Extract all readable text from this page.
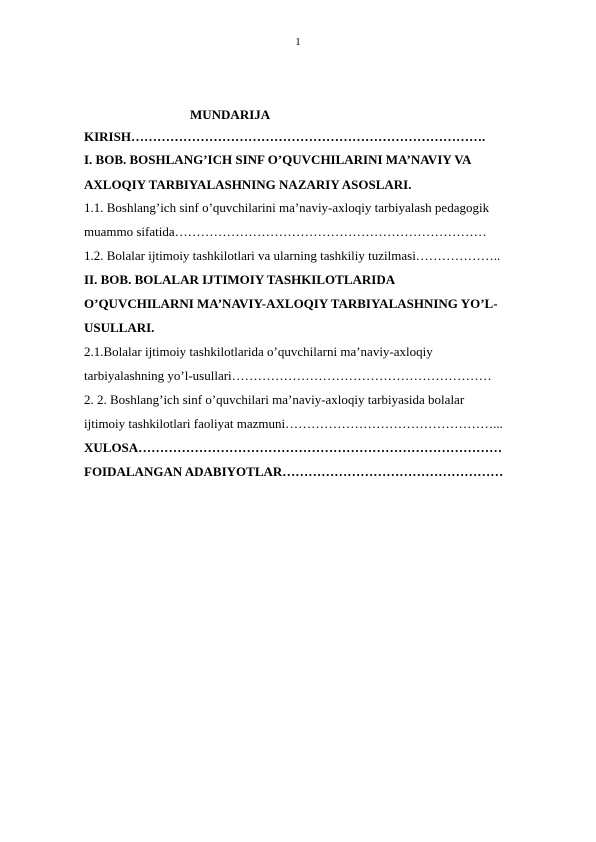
1
MUNDARIJA
KIRISH……………………………………………………………………….
I. BOB. BOSHLANG’ICH SINF O’QUVCHILARINI MA’NAVIY VA
AXLOQIY TARBIYALASHNING NAZARIY ASOSLARI.
1.1. Boshlang’ich sinf o’quvchilarini ma’naviy-axloqiy tarbiyalash pedagogik
muammo sifatida………………………………………………………………
1.2. Bolalar ijtimoiy tashkilotlari va ularning tashkiliy tuzilmasi………………..
II. BOB. BOLALAR IJTIMOIY TASHKILOTLARIDA
O’QUVCHILARNI MA’NAVIY-AXLOQIY TARBIYALASHNING YO’L-
USULLARI.
2.1.Bolalar ijtimoiy tashkilotlarida o’quvchilarni ma’naviy-axloqiy
tarbiyalashning yo’l-usullari……………………………………………………
2. 2. Boshlang’ich sinf o’quvchilari ma’naviy-axloqiy tarbiyasida bolalar
ijtimoiy tashkilotlari faoliyat mazmuni…………………………………………...
XULOSA…………………………………………………………………………
FOIDALANGAN ADABIYOTLAR……………………………………………
